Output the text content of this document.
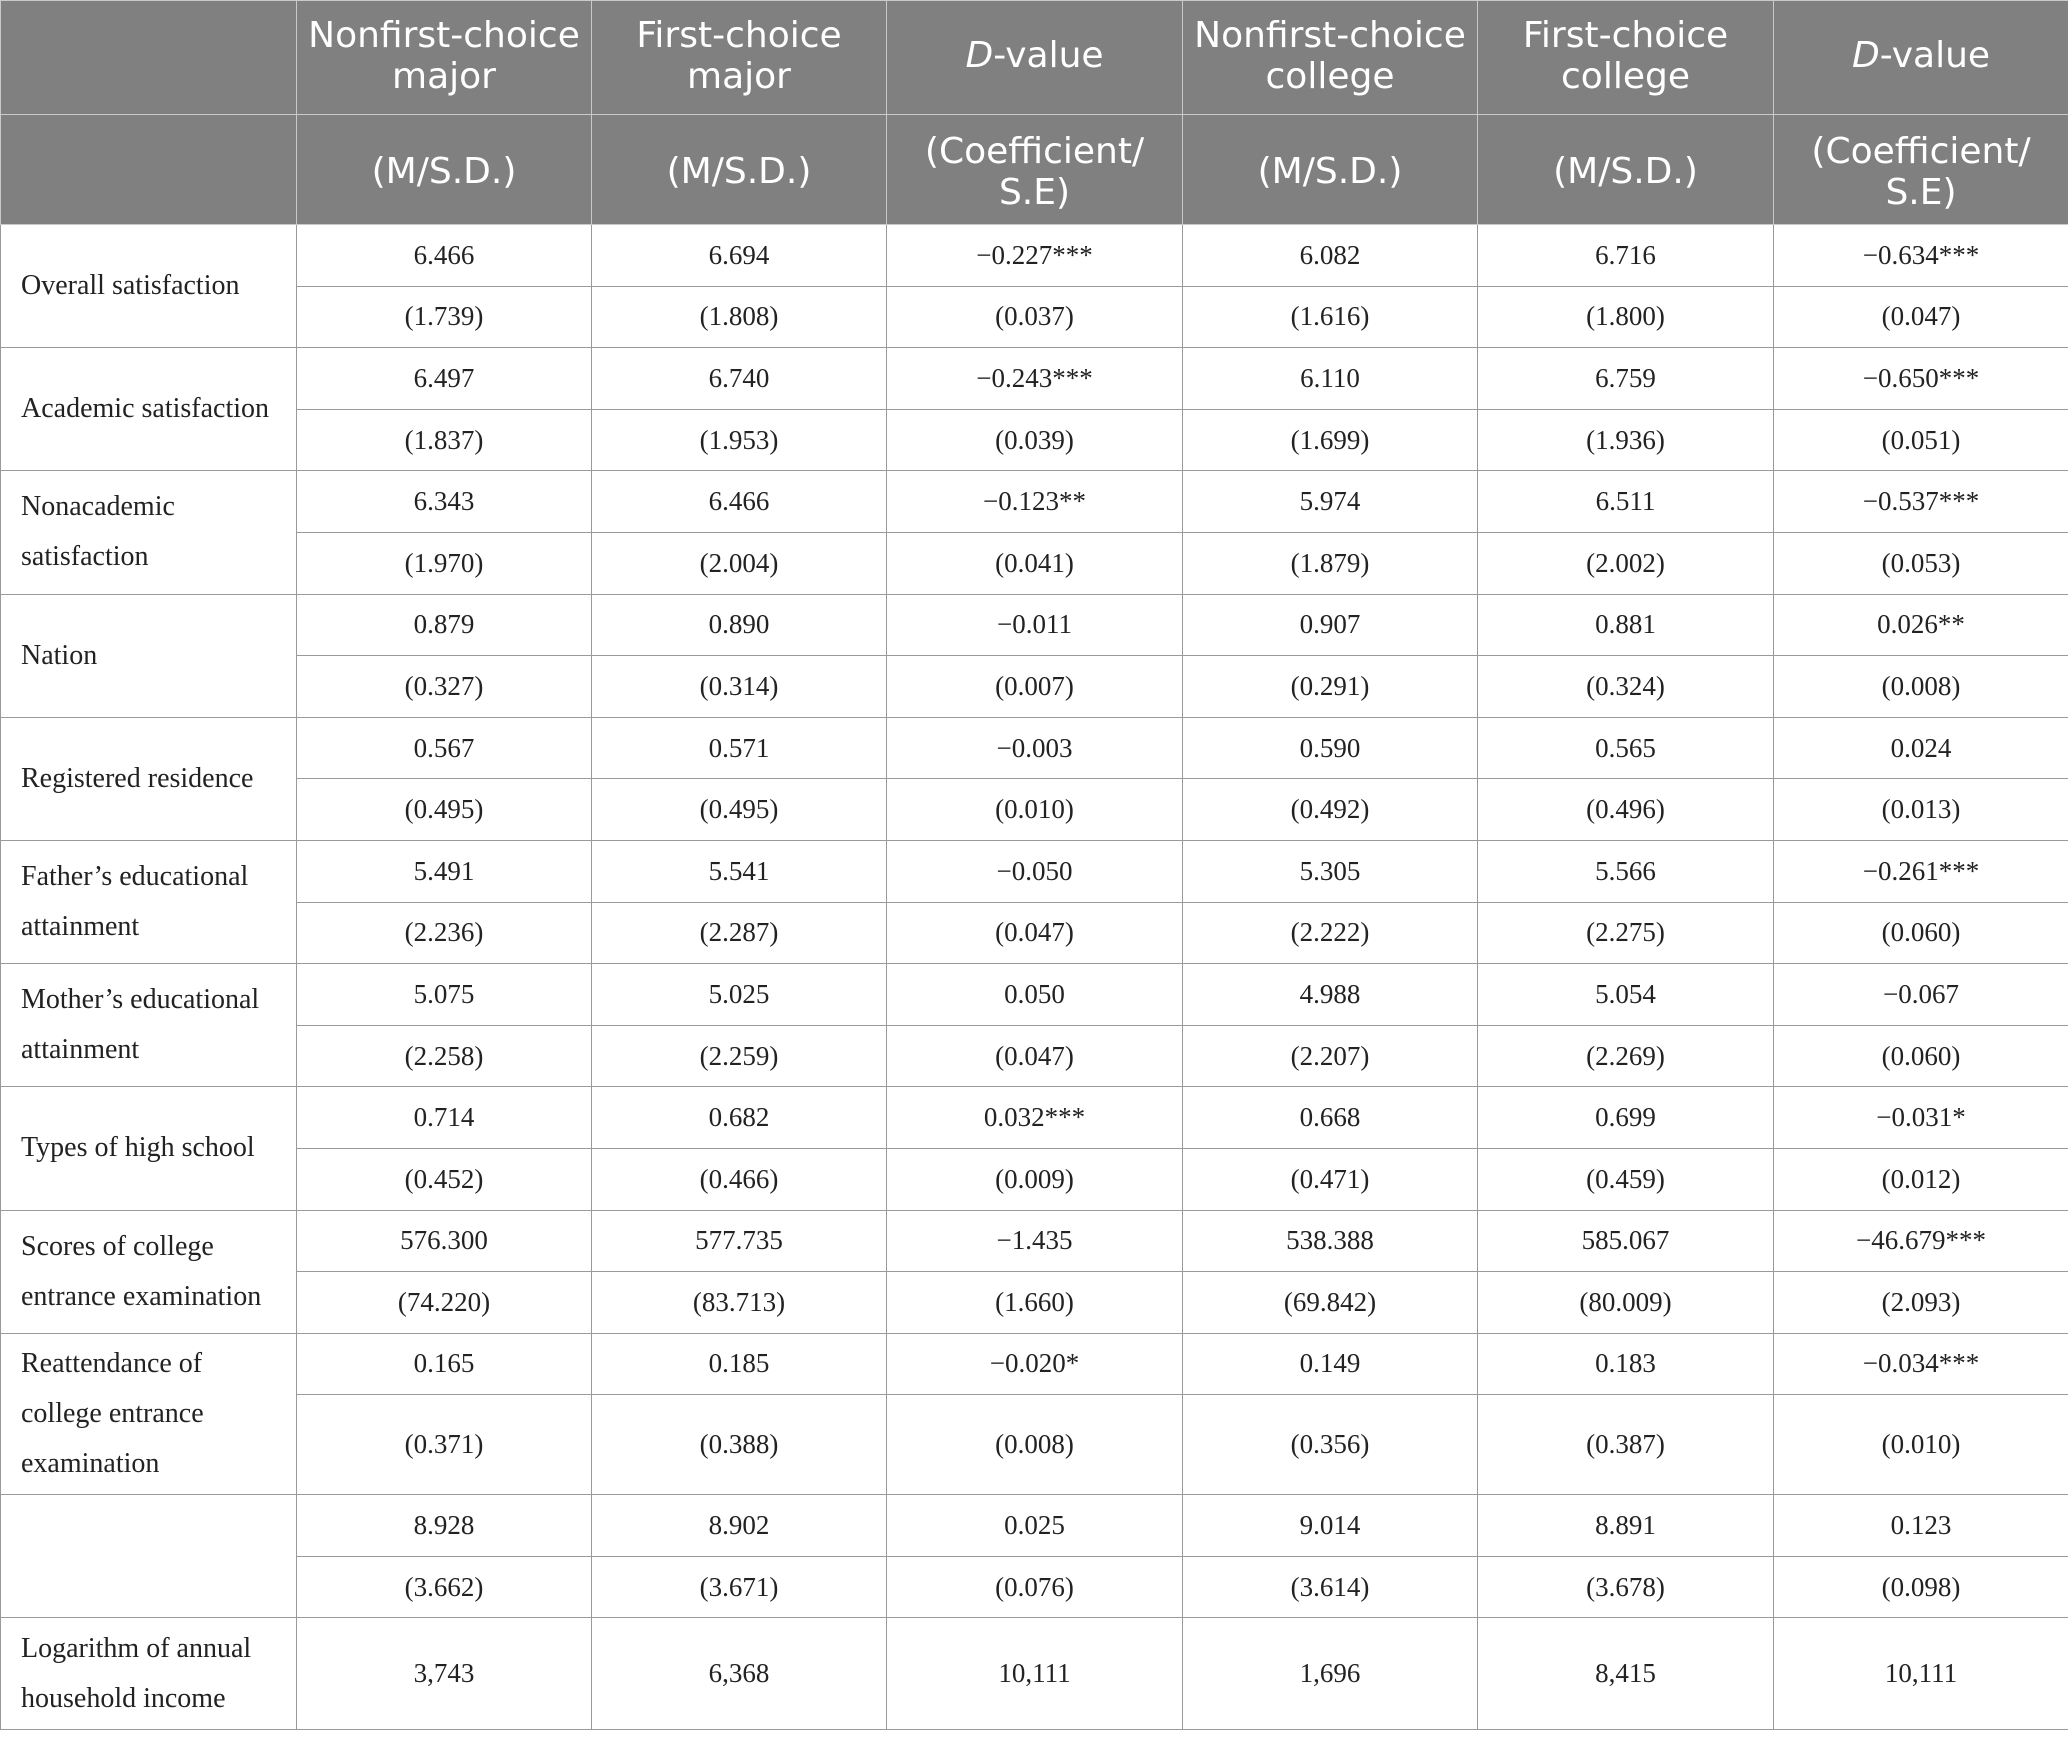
	Nonfirst-choice major	First-choice major	D-value	Nonfirst-choice college	First-choice college	D-value
	(M/S.D.)	(M/S.D.)	(Coefficient/ S.E)	(M/S.D.)	(M/S.D.)	(Coefficient/ S.E)
Overall satisfaction	6.466	6.694	−0.227***	6.082	6.716	−0.634***
	(1.739)	(1.808)	(0.037)	(1.616)	(1.800)	(0.047)
Academic satisfaction	6.497	6.740	−0.243***	6.110	6.759	−0.650***
	(1.837)	(1.953)	(0.039)	(1.699)	(1.936)	(0.051)
Nonacademic satisfaction	6.343	6.466	−0.123**	5.974	6.511	−0.537***
	(1.970)	(2.004)	(0.041)	(1.879)	(2.002)	(0.053)
Nation	0.879	0.890	−0.011	0.907	0.881	0.026**
	(0.327)	(0.314)	(0.007)	(0.291)	(0.324)	(0.008)
Registered residence	0.567	0.571	−0.003	0.590	0.565	0.024
	(0.495)	(0.495)	(0.010)	(0.492)	(0.496)	(0.013)
Father’s educational attainment	5.491	5.541	−0.050	5.305	5.566	−0.261***
	(2.236)	(2.287)	(0.047)	(2.222)	(2.275)	(0.060)
Mother’s educational attainment	5.075	5.025	0.050	4.988	5.054	−0.067
	(2.258)	(2.259)	(0.047)	(2.207)	(2.269)	(0.060)
Types of high school	0.714	0.682	0.032***	0.668	0.699	−0.031*
	(0.452)	(0.466)	(0.009)	(0.471)	(0.459)	(0.012)
Scores of college entrance examination	576.300	577.735	−1.435	538.388	585.067	−46.679***
	(74.220)	(83.713)	(1.660)	(69.842)	(80.009)	(2.093)
Reattendance of college entrance examination	0.165	0.185	−0.020*	0.149	0.183	−0.034***
	(0.371)	(0.388)	(0.008)	(0.356)	(0.387)	(0.010)
	8.928	8.902	0.025	9.014	8.891	0.123
	(3.662)	(3.671)	(0.076)	(3.614)	(3.678)	(0.098)
Logarithm of annual household income	3,743	6,368	10,111	1,696	8,415	10,111
